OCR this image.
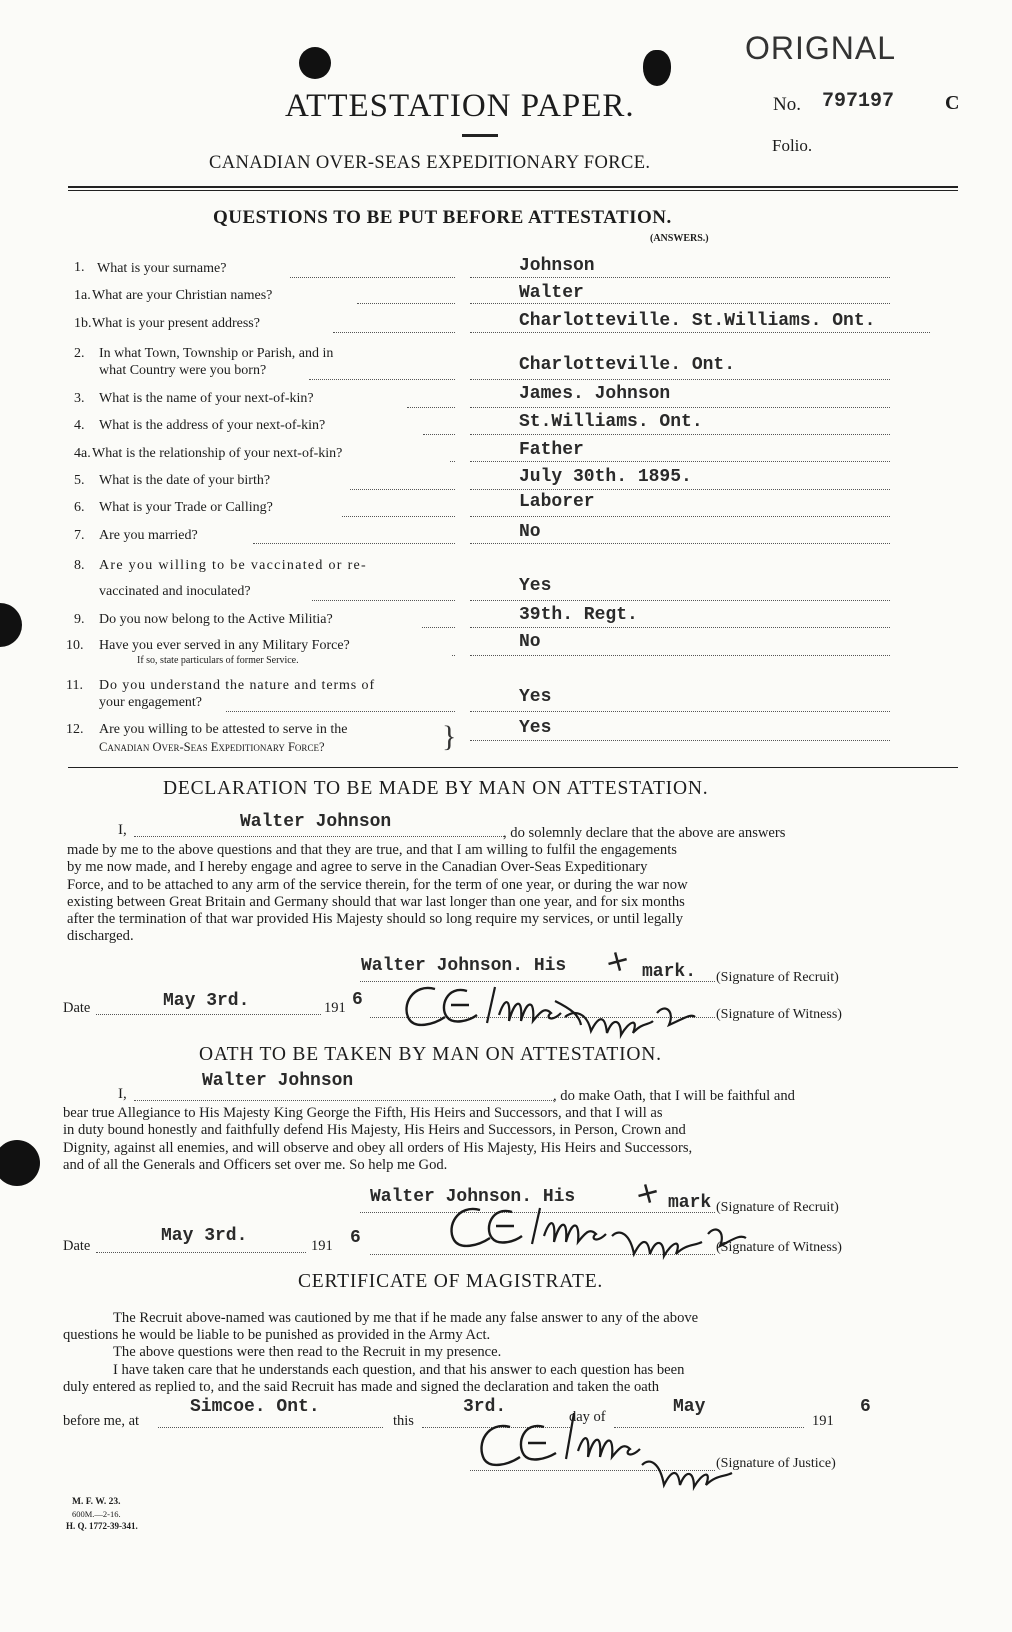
ORIGNAL
ATTESTATION PAPER.	No. 797197	C
Folio.
CANADIAN OVER-SEAS EXPEDITIONARY FORCE.
QUESTIONS TO BE PUT BEFORE ATTESTATION.
(ANSWERS.)
1. What is your surname?	Johnson
1a. What are your Christian names?	Walter
1b. What is your present address?	Charlotteville. St.Williams. Ont.
2. In what Town, Township or Parish, and in
what Country were you born?	Charlotteville. Ont.
3. What is the name of your next-of-kin?	James. Johnson
4. What is the address of your next-of-kin?	St.Williams. Ont.
4a. What is the relationship of your next-of-kin?	Father
5. What is the date of your birth?	July 30th. 1895.
6. What is your Trade or Calling?	Laborer
7. Are you married?	No
8. Are you willing to be vaccinated or re-
vaccinated and inoculated?	Yes
9. Do you now belong to the Active Militia?	39th. Regt.
10. Have you ever served in any Military Force?
If so, state particulars of former Service.
No
11. Do you understand the nature and terms of
your engagement?	Yes
12. Are you willing to be attested to serve in the
Canadian Over-Seas Expeditionary Force?	}	Yes
DECLARATION TO BE MADE BY MAN ON ATTESTATION.
I,	Walter Johnson
, do solemnly declare that the above are answers
made by me to the above questions and that they are true, and that I am willing to fulfil the engagements
by me now made, and I hereby engage and agree to serve in the Canadian Over-Seas Expeditionary
Force, and to be attached to any arm of the service therein, for the term of one year, or during the war now
existing between Great Britain and Germany should that war last longer than one year, and for six months
after the termination of that war provided His Majesty should so long require my services, or until legally
discharged.
Walter Johnson. His + mark. (Signature of Recruit)
Date	May 3rd.	191 6
(Signature of Witness)
OATH TO BE TAKEN BY MAN ON ATTESTATION.
Walter Johnson
I,	, do make Oath, that I will be faithful and
bear true Allegiance to His Majesty King George the Fifth, His Heirs and Successors, and that I will as
in duty bound honestly and faithfully defend His Majesty, His Heirs and Successors, in Person, Crown and
Dignity, against all enemies, and will observe and obey all orders of His Majesty, His Heirs and Successors,
and of all the Generals and Officers set over me. So help me God.
Walter Johnson. His + mark (Signature of Recruit)
Date	May 3rd.	191 6	(Signature of Witness)
CERTIFICATE OF MAGISTRATE.
The Recruit above-named was cautioned by me that if he made any false answer to any of the above
questions he would be liable to be punished as provided in the Army Act.
The above questions were then read to the Recruit in my presence.
I have taken care that he understands each question, and that his answer to each question has been
duly entered as replied to, and the said Recruit has made and signed the declaration and taken the oath
before me, at
Simcoe. Ont.
this
3rd.	day of	May
191
6
(Signature of Justice)
M. F. W. 23.
600M.—2-16.
H. Q. 1772-39-341.
